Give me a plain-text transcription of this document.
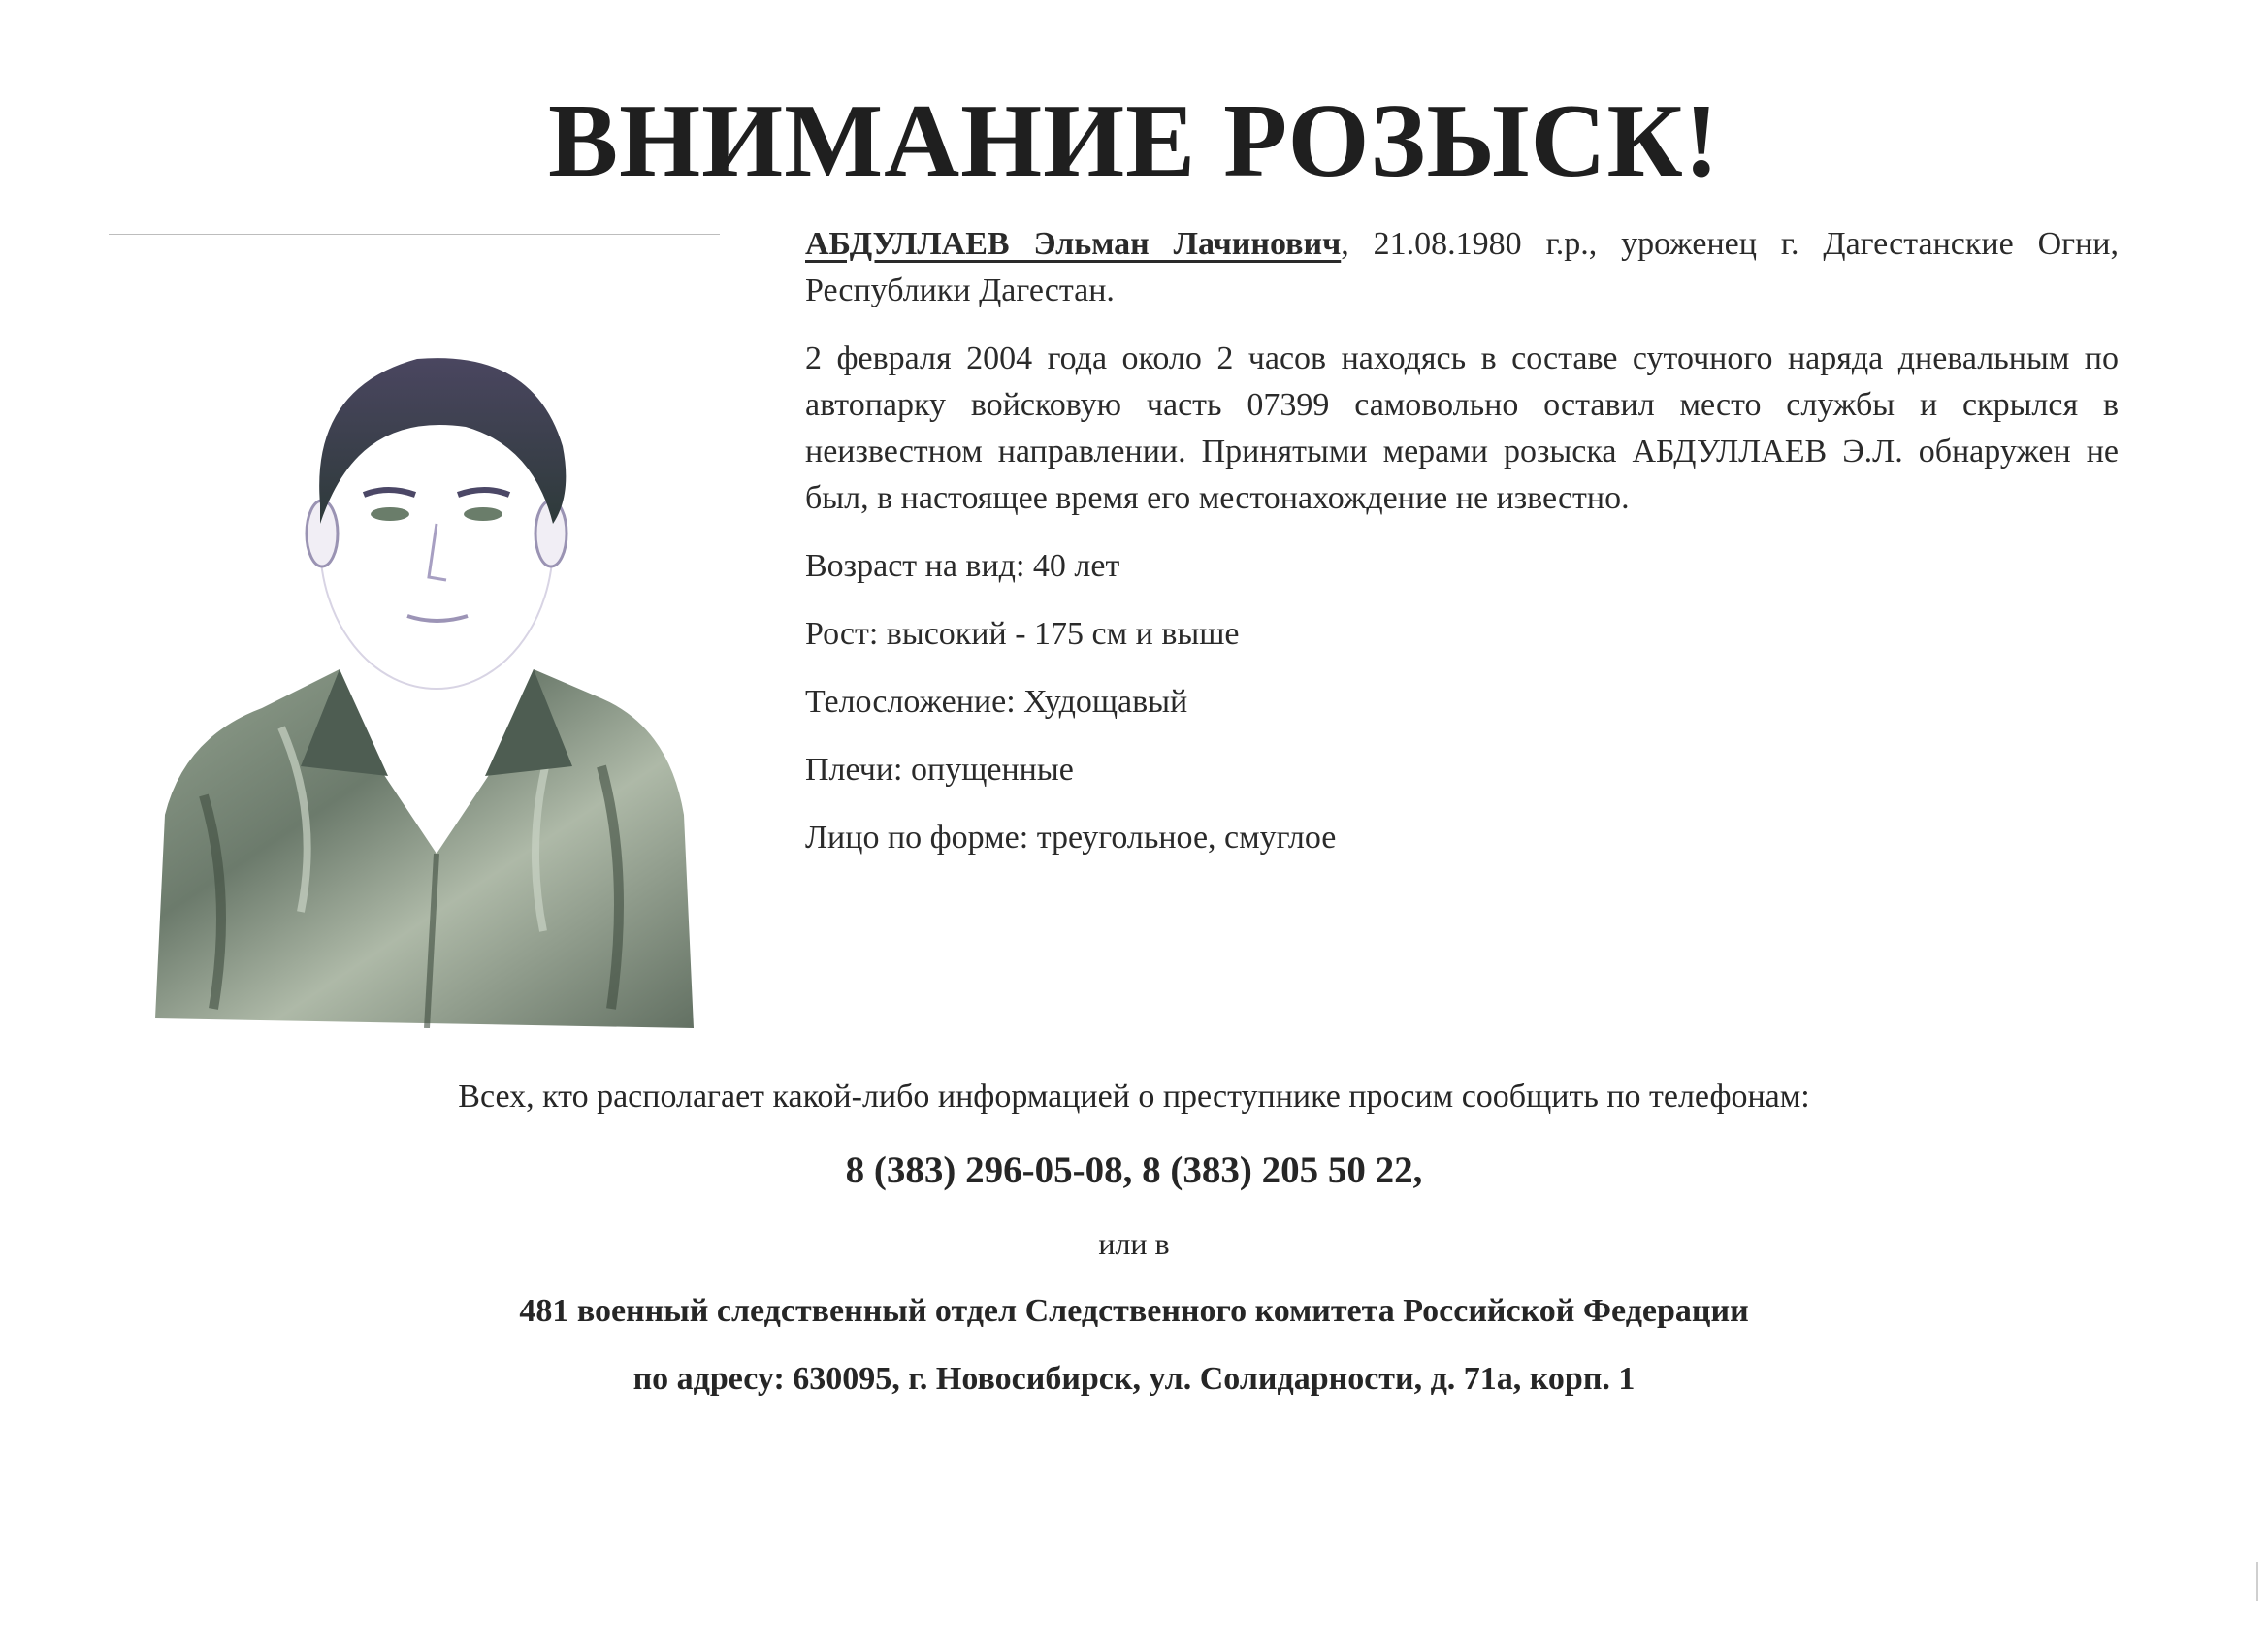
ВНИМАНИЕ РОЗЫСК!

АБДУЛЛАЕВ Эльман Лачинович, 21.08.1980 г.р., уроженец г. Дагестанские Огни, Республики Дагестан.

2 февраля 2004 года около 2 часов находясь в составе суточного наряда дневальным по автопарку войсковую часть 07399 самовольно оставил место службы и скрылся в неизвестном направлении. Принятыми мерами розыска АБДУЛЛАЕВ Э.Л. обнаружен не был, в настоящее время его местонахождение не известно.

Возраст на вид: 40 лет

Рост: высокий - 175 см и выше

Телосложение: Худощавый

Плечи: опущенные

Лицо по форме: треугольное, смуглое

Всех, кто располагает какой-либо информацией о преступнике просим сообщить по телефонам:
8 (383) 296-05-08, 8 (383) 205 50 22,
или в
481 военный следственный отдел Следственного комитета Российской Федерации
по адресу: 630095, г. Новосибирск, ул. Солидарности, д. 71а, корп. 1
